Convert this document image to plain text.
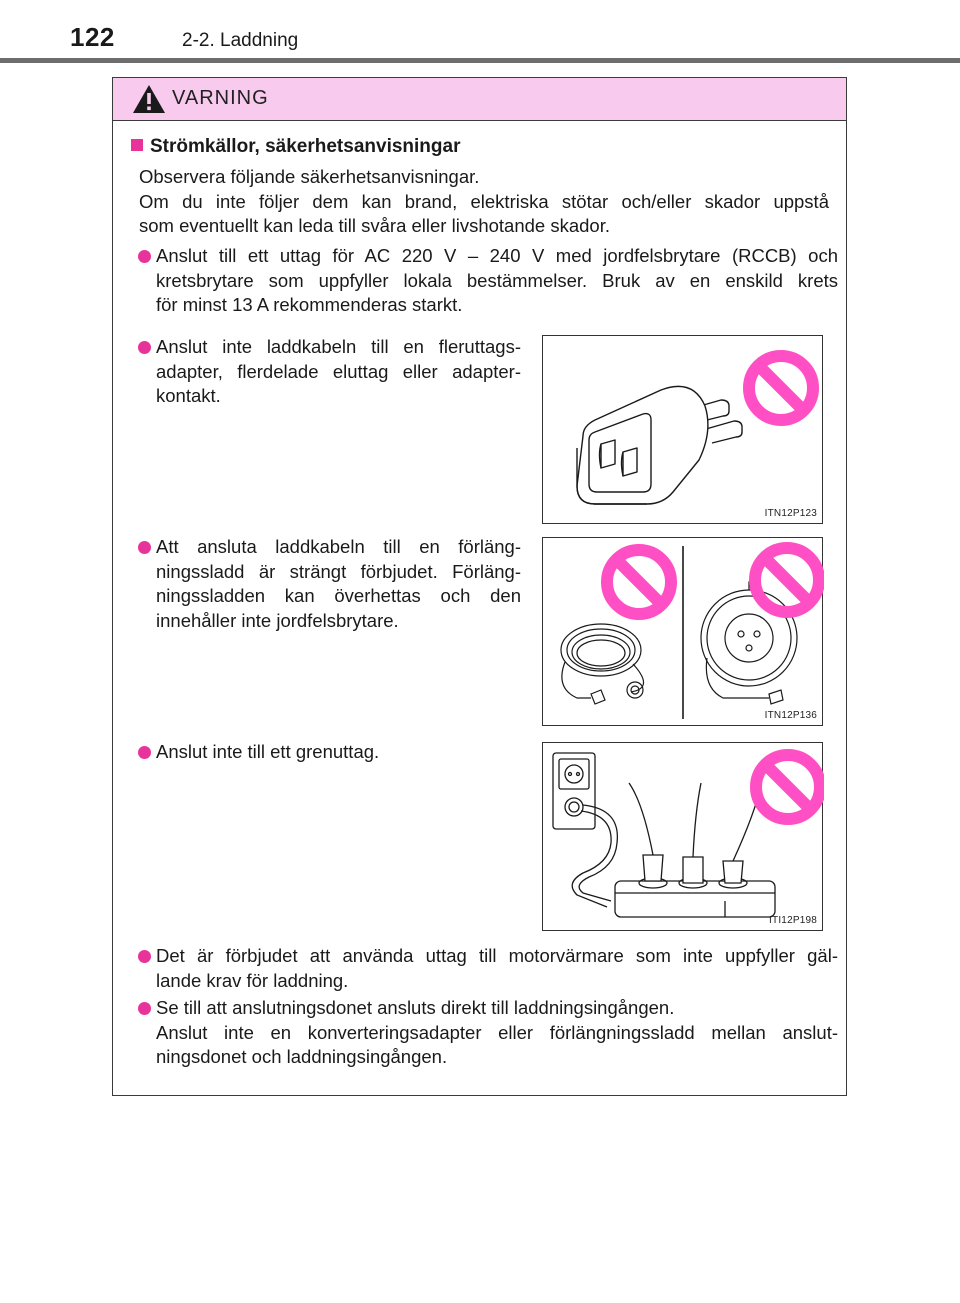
122	2-2. Laddning
VARNING
Strömkällor, säkerhetsanvisningar
Observera följande säkerhetsanvisningar.
Om du inte följer dem kan brand, elektriska stötar och/eller skador uppstå
som eventuellt kan leda till svåra eller livshotande skador.
Anslut till ett uttag för AC 220 V – 240 V med jordfelsbrytare (RCCB) och
kretsbrytare som uppfyller lokala bestämmelser. Bruk av en enskild krets
för minst 13 A rekommenderas starkt.
Anslut inte laddkabeln till en fleruttags-
adapter, flerdelade eluttag eller adapter-
kontakt.
ITN12P123
Att ansluta laddkabeln till en förläng-
ningssladd är strängt förbjudet. Förläng-
ningssladden kan överhettas och den
innehåller inte jordfelsbrytare.
ITN12P136
Anslut inte till ett grenuttag.
ITI12P198
Det är förbjudet att använda uttag till motorvärmare som inte uppfyller gäl-
lande krav för laddning.
Se till att anslutningsdonet ansluts direkt till laddningsingången.
Anslut inte en konverteringsadapter eller förlängningssladd mellan anslut-
ningsdonet och laddningsingången.
